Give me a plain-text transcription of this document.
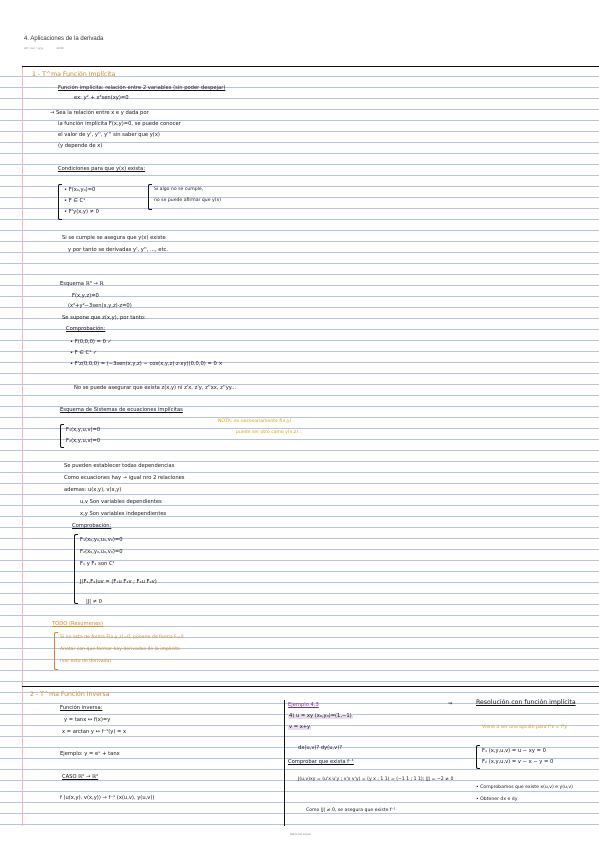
4. Aplicaciones de la derivada
dd / mm / yyyy	14:00
1 - T^ma Función Implícita
Función implícita: relación entre 2 variables (sin poder despejar)
ex: y² + x³sen(xy)=0
→ Sea la relación entre x e y dada por
la función implícita F(x,y)=0, se puede conocer
el valor de y', y'', y''' sin saber que y(x)
(y depende de x)
Condiciones para que y(x) exista:
• F(x₀,y₀)=0
• F ∈ C¹
• F'y(x,y) ≠ 0
Si algo no se cumple,
no se puede afirmar que y(x)
Si se cumple se asegura que y(x) existe
y por tanto se derivadas y', y'', ..., etc.
Esquema ℝ³ → ℝ
F(x,y,z)=0
(x²+y²−3sen(x,y,z)·z=0)
Se supone que z(x,y), por tanto:
Comprobación:
• F(0,0,0) = 0 ✓
• F ∈ C¹ ✓
• F'z(0,0,0) = (−3sen(x,y,z) − cos(x,y,z)·z·xy)(0,0,0) = 0 ×
No se puede asegurar que exista z(x,y) ni z'x, z'y, z''xx, z''yy...
Esquema de Sistemas de ecuaciones implícitas
F₁(x,y,u,v)=0
F₂(x,y,u,v)=0
NOTA: no necesariamente f(x,y)
puede ser otro como y(x,z)...
Se pueden establecer todas dependencias
Como ecuaciones hay → igual nro 2 relaciones
ademas: u(x,y), v(x,y)
u,v Son variables dependientes
x,y Son variables independientes
Comprobación:
F₁(x₀,y₀,u₀,v₀)=0
F₂(x₀,y₀,u₀,v₀)=0
F₁ y F₂ son C¹
J(F₁,F₂)uv = (F₁u F₁v ; F₂u F₂v)
|J| ≠ 0
TODO (Resúmenes)
Si no esta de forma F(x,y,z)=0, ponerlo de forma F=0
Anotar con que formar hay derivadas de la implícita
(ver esto de derivada)
2 - T^ma Función Inversa
Función inversa:
y = tanx ↔ f(x)=y
x = arctan y ↔ f⁻¹(y) = x
Ejemplo: y = eˣ + tanx
CASO ℝ² → ℝ²
f (u(x,y), v(x,y)) → f⁻¹ (x(u,v), y(u,v))
Ejemplo 4.3
4) u = xy (x₀,y₀)=(1,−1)
v = x+y
dx(u,v)? dy(u,v)?
Comprobar que exista f⁻¹
J(u,v)xy = (u'x u'y ; v'x v'y) = (y x ; 1 1) = (−1 1 ; 1 1); |J| = −2 ≠ 0
Como |J| ≠ 0, se asegura que existe f⁻¹
⇒	Resolución con función implícita
Viene a ser una opción para f¹x = f²y
F₁ (x,y,u,v) = u − xy = 0
F₂ (x,y,u,v) = v − x − y = 0
• Comprobamos que existe x(u,v) e y(u,v)
• Obtener dx e dy
Mario Gil López
